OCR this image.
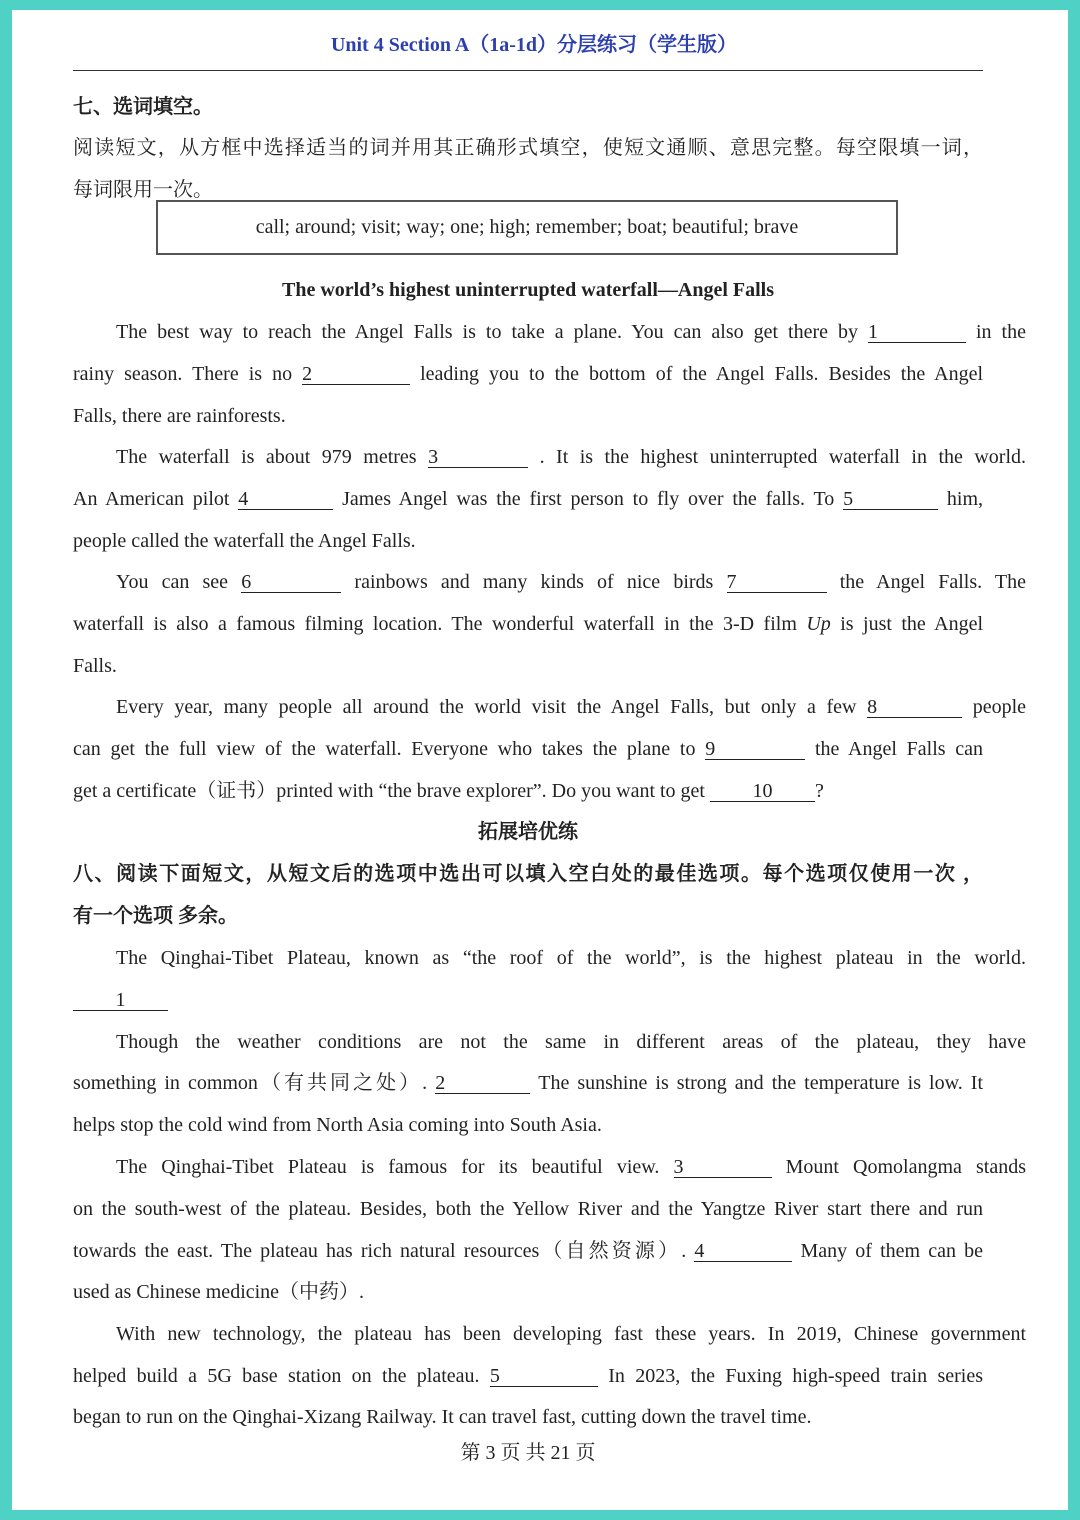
Unit 4 Section A（1a-1d）分层练习（学生版）
七、选词填空。
阅读短文，从方框中选择适当的词并用其正确形式填空，使短文通顺、意思完整。每空限填一词，
每词限用一次。
call; around; visit; way; one; high; remember; boat; beautiful; brave
The world’s highest uninterrupted waterfall—Angel Falls
The best way to reach the Angel Falls is to take a plane. You can also get there by 1	in the
rainy season. There is no 2	leading you to the bottom of the Angel Falls. Besides the Angel
Falls, there are rainforests.
The waterfall is about 979 metres 3	. It is the highest uninterrupted waterfall in the world.
An American pilot 4	James Angel was the first person to fly over the falls. To 5	him,
people called the waterfall the Angel Falls.
You can see 6	rainbows and many kinds of nice birds 7	the Angel Falls. The
waterfall is also a famous filming location. The wonderful waterfall in the 3-D film Up is just the Angel
Falls.
Every year, many people all around the world visit the Angel Falls, but only a few 8	people
can get the full view of the waterfall. Everyone who takes the plane to 9	the Angel Falls can
get a certificate（证书）printed with “the brave explorer”. Do you want to get 10 ?
拓展培优练
八、阅读下面短文，从短文后的选项中选出可以填入空白处的最佳选项。每个选项仅使用一次 ，
有一个选项 多余。
The Qinghai-Tibet Plateau, known as “the roof of the world”, is the highest plateau in the world.
1
Though the weather conditions are not the same in different areas of the plateau, they have
something in common（有共同之处）. 2	The sunshine is strong and the temperature is low. It
helps stop the cold wind from North Asia coming into South Asia.
The Qinghai-Tibet Plateau is famous for its beautiful view. 3	Mount Qomolangma stands
on the south-west of the plateau. Besides, both the Yellow River and the Yangtze River start there and run
towards the east. The plateau has rich natural resources（自然资源）. 4	Many of them can be
used as Chinese medicine（中药）.
With new technology, the plateau has been developing fast these years. In 2019, Chinese government
helped build a 5G base station on the plateau. 5	In 2023, the Fuxing high-speed train series
began to run on the Qinghai-Xizang Railway. It can travel fast, cutting down the travel time.
第 3 页 共 21 页
